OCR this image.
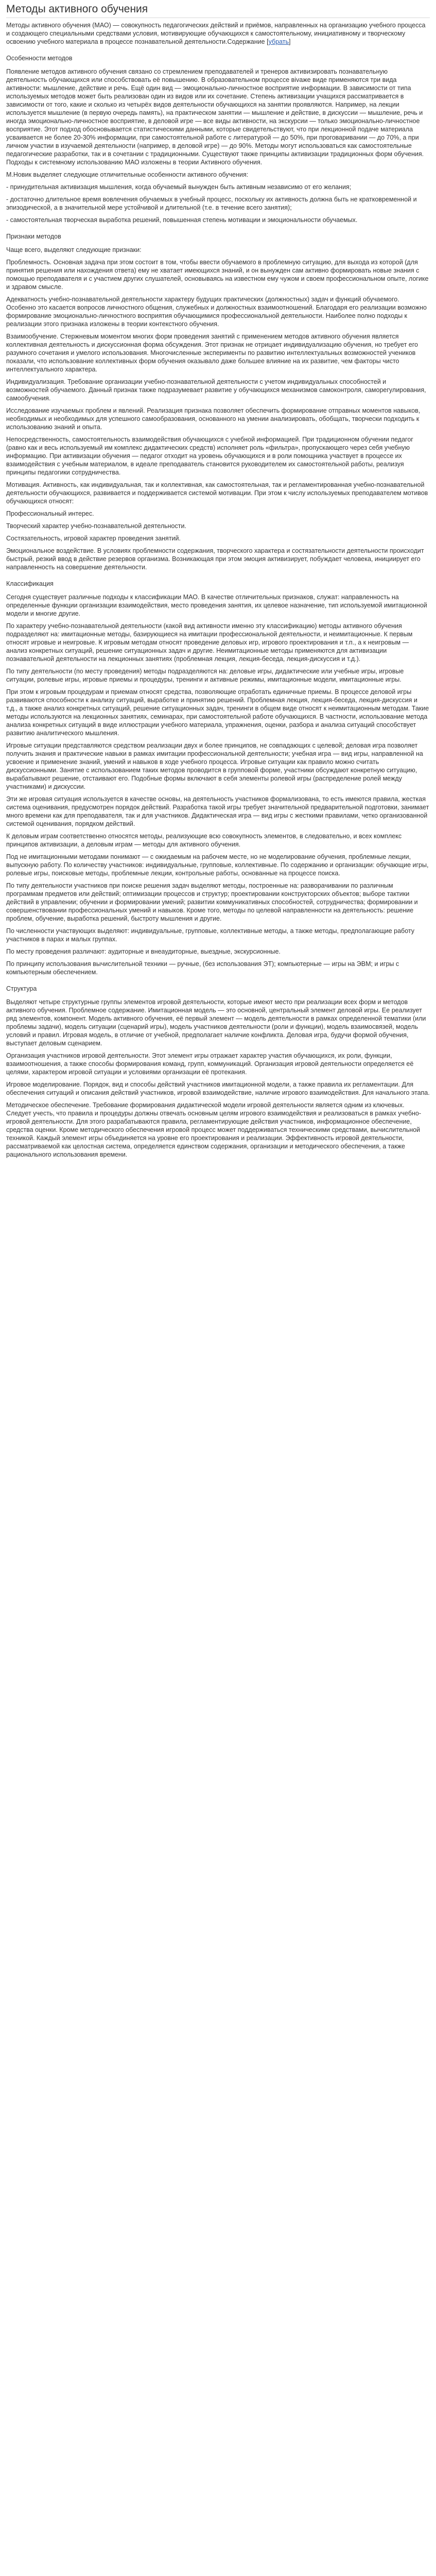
Методы активного обучения

Методы активного обучения (МАО) — совокупность педагогических действий и приёмов, направленных на организацию учебного процесса и создающего специальными средствами условия, мотивирующие обучающихся к самостоятельному, инициативному и творческому освоению учебного материала в процессе познавательной деятельности.Содержание [убрать]

Особенности методов

Появление методов активного обучения связано со стремлением преподавателей и тренеров активизировать познавательную деятельность обучающихся или способствовать её повышению. В образовательном процессе вivaже виде применяются три вида активности: мышление, действие и речь. Ещё один вид — эмоционально-личностное восприятие информации. В зависимости от типа используемых методов может быть реализован один из видов или их сочетание. Степень активизации учащихся рассматривается в зависимости от того, какие и сколько из четырёх видов деятельности обучающихся на занятии проявляются. Например, на лекции используется мышление (в первую очередь память), на практическом занятии — мышление и действие, в дискуссии — мышление, речь и иногда эмоционально-личностное восприятие, в деловой игре — все виды активности, на экскурсии — только эмоционально-личностное восприятие. Этот подход обосновывается статистическими данными, которые свидетельствуют, что при лекционной подаче материала усваивается не более 20-30% информации, при самостоятельной работе с литературой — до 50%, при проговаривании — до 70%, а при личном участии в изучаемой деятельности (например, в деловой игре) — до 90%. Методы могут использоваться как самостоятельные педагогические разработки, так и в сочетании с традиционными. Существуют также принципы активизации традиционных форм обучения. Подходы к системному использованию МАО изложены в теории Активного обучения.

М.Новик выделяет следующие отличительные особенности активного обучения:

- принудительная активизация мышления, когда обучаемый вынужден быть активным независимо от его желания;

- достаточно длительное время вовлечения обучаемых в учебный процесс, поскольку их активность должна быть не кратковременной и эпизодической, а в значительной мере устойчивой и длительной (т.е. в течение всего занятия);

- самостоятельная творческая выработка решений, повышенная степень мотивации и эмоциональности обучаемых.

Признаки методов

Чаще всего, выделяют следующие признаки:

Проблемность. Основная задача при этом состоит в том, чтобы ввести обучаемого в проблемную ситуацию, для выхода из которой (для принятия решения или нахождения ответа) ему не хватает имеющихся знаний, и он вынужден сам активно формировать новые знания с помощью преподавателя и с участием других слушателей, основываясь на известном ему чужом и своем профессиональном опыте, логике и здравом смысле.

Адекватность учебно-познавательной деятельности характеру будущих практических (должностных) задач и функций обучаемого. Особенно это касается вопросов личностного общения, служебных и должностных взаимоотношений. Благодаря его реализации возможно формирование эмоционально-личностного восприятия обучающимися профессиональной деятельности. Наиболее полно подходы к реализации этого признака изложены в теории контекстного обучения.

Взаимообучение. Стержневым моментом многих форм проведения занятий с применением методов активного обучения является коллективная деятельность и дискуссионная форма обсуждения. Этот признак не отрицает индивидуализацию обучения, но требует его разумного сочетания и умелого использования. Многочисленные эксперименты по развитию интеллектуальных возможностей учеников показали, что использование коллективных форм обучения оказывало даже большее влияние на их развитие, чем факторы чисто интеллектуального характера.

Индивидуализация. Требование организации учебно-познавательной деятельности с учетом индивидуальных способностей и возможностей обучаемого. Данный признак также подразумевает развитие у обучающихся механизмов самоконтроля, саморегулирования, самообучения.

Исследование изучаемых проблем и явлений. Реализация признака позволяет обеспечить формирование отправных моментов навыков, необходимых и необходимых для успешного самообразования, основанного на умении анализировать, обобщать, творчески подходить к использованию знаний и опыта.

Непосредственность, самостоятельность взаимодействия обучающихся с учебной информацией. При традиционном обучении педагог (равно как и весь используемый им комплекс дидактических средств) исполняет роль «фильтра», пропускающего через себя учебную информацию. При активизации обучения — педагог отходит на уровень обучающихся и в роли помощника участвует в процессе их взаимодействия с учебным материалом, в идеале преподаватель становится руководителем их самостоятельной работы, реализуя принципы педагогики сотрудничества.

Мотивация. Активность, как индивидуальная, так и коллективная, как самостоятельная, так и регламентированная учебно-познавательной деятельности обучающихся, развивается и поддерживается системой мотивации. При этом к числу используемых преподавателем мотивов обучающихся относят:

Профессиональный интерес.

Творческий характер учебно-познавательной деятельности.

Состязательность, игровой характер проведения занятий.

Эмоциональное воздействие. В условиях проблемности содержания, творческого характера и состязательности деятельности происходит быстрый, резкий ввод в действие резервов организма. Возникающая при этом эмоция активизирует, побуждает человека, инициирует его направленность на совершение деятельности.

Классификация

Сегодня существует различные подходы к классификации МАО. В качестве отличительных признаков, служат: направленность на определенные функции организации взаимодействия, место проведения занятия, их целевое назначение, тип используемой имитационной модели и многие другие.

По характеру учебно-познавательной деятельности (какой вид активности именно эту классификацию) методы активного обучения подразделяют на: имитационные методы, базирующиеся на имитации профессиональной деятельности, и неимитационные. К первым относят игровые и неигровые. К игровым методам относят проведение деловых игр, игрового проектирования и т.п., а к неигровым — анализ конкретных ситуаций, решение ситуационных задач и другие. Неимитационные методы применяются для активизации познавательной деятельности на лекционных занятиях (проблемная лекция, лекция-беседа, лекция-дискуссия и т.д.).

По типу деятельности (по месту проведения) методы подразделяются на: деловые игры, дидактические или учебные игры, игровые ситуации, ролевые игры, игровые приемы и процедуры, тренинги и активные режимы, имитационные модели, имитационные игры.

При этом к игровым процедурам и приемам относят средства, позволяющие отработать единичные приемы. В процессе деловой игры развиваются способности к анализу ситуаций, выработке и принятию решений. Проблемная лекция, лекция-беседа, лекция-дискуссия и т.д., а также анализ конкретных ситуаций, решение ситуационных задач, тренинги в общем виде относят к неимитационным методам. Такие методы используются на лекционных занятиях, семинарах, при самостоятельной работе обучающихся. В частности, использование метода анализа конкретных ситуаций в виде иллюстрации учебного материала, упражнения, оценки, разбора и анализа ситуаций способствует развитию аналитического мышления.

Игровые ситуации представляются средством реализации двух и более принципов, не совпадающих с целевой; деловая игра позволяет получить знания и практические навыки в рамках имитации профессиональной деятельности; учебная игра — вид игры, направленной на усвоение и применение знаний, умений и навыков в ходе учебного процесса. Игровые ситуации как правило можно считать дискуссионными. Занятие с использованием таких методов проводится в групповой форме, участники обсуждают конкретную ситуацию, вырабатывают решение, отстаивают его. Подобные формы включают в себя элементы ролевой игры (распределение ролей между участниками) и дискуссии.

Эти же игровая ситуация используется в качестве основы, на деятельность участников формализована, то есть имеются правила, жесткая система оценивания, предусмотрен порядок действий. Разработка такой игры требует значительной предварительной подготовки, занимает много времени как для преподавателя, так и для участников. Дидактическая игра — вид игры с жесткими правилами, четко организованной системой оценивания, порядком действий.

К деловым играм соответственно относятся методы, реализующие всю совокупность элементов, в следовательно, и всех комплекс принципов активизации, а деловым играм — методы для активного обучения.

Под не имитационными методами понимают — с ожидаемым на рабочем месте, но не моделирование обучения, проблемные лекции, выпускную работу. По количеству участников: индивидуальные, групповые, коллективные. По содержанию и организации: обучающие игры, ролевые игры, поисковые методы, проблемные лекции, контрольные работы, основанные на процессе поиска.

По типу деятельности участников при поиске решения задач выделяют методы, построенные на: разворачивании по различным программам предметов или действий; оптимизации процессов и структур; проектировании конструкторских объектов; выборе тактики действий в управлении; обучении и формировании умений; развитии коммуникативных способностей, сотрудничества; формировании и совершенствовании профессиональных умений и навыков. Кроме того, методы по целевой направленности на деятельность: решение проблем, обучение, выработка решений, быстроту мышления и другие.

По численности участвующих выделяют: индивидуальные, групповые, коллективные методы, а также методы, предполагающие работу участников в парах и малых группах.

По месту проведения различают: аудиторные и внеаудиторные, выездные, экскурсионные.

По принципу использования вычислительной техники — ручные, (без использования ЭТ); компьютерные — игры на ЭВМ; и игры с компьютерным обеспечением.

Структура

Выделяют четыре структурные группы элементов игровой деятельности, которые имеют место при реализации всех форм и методов активного обучения. Проблемное содержание. Имитационная модель — это основной, центральный элемент деловой игры. Ее реализует ряд элементов, компонент. Модель активного обучения, её первый элемент — модель деятельности в рамках определенной тематики (или проблемы задачи), модель ситуации (сценарий игры), модель участников деятельности (роли и функции), модель взаимосвязей, модель условий и правил. Игровая модель, в отличие от учебной, предполагает наличие конфликта. Деловая игра, будучи формой обучения, выступает деловым сценарием.

Организация участников игровой деятельности. Этот элемент игры отражает характер участия обучающихся, их роли, функции, взаимоотношения, а также способы формирования команд, групп, коммуникаций. Организация игровой деятельности определяется её целями, характером игровой ситуации и условиями организации её протекания.

Игровое моделирование. Порядок, вид и способы действий участников имитационной модели, а также правила их регламентации. Для обеспечения ситуаций и описания действий участников, игровой взаимодействие, наличие игрового взаимодействия. Для начального этапа.

Методическое обеспечение. Требование формирования дидактической модели игровой деятельности является одним из ключевых. Следует учесть, что правила и процедуры должны отвечать основным целям игрового взаимодействия и реализоваться в рамках учебно-игровой деятельности. Для этого разрабатываются правила, регламентирующие действия участников, информационное обеспечение, средства оценки. Кроме методического обеспечения игровой процесс может поддерживаться техническими средствами, вычислительной техникой. Каждый элемент игры объединяется на уровне его проектирования и реализации. Эффективность игровой деятельности, рассматриваемой как целостная система, определяется единством содержания, организации и методического обеспечения, а также рационального использования времени.
